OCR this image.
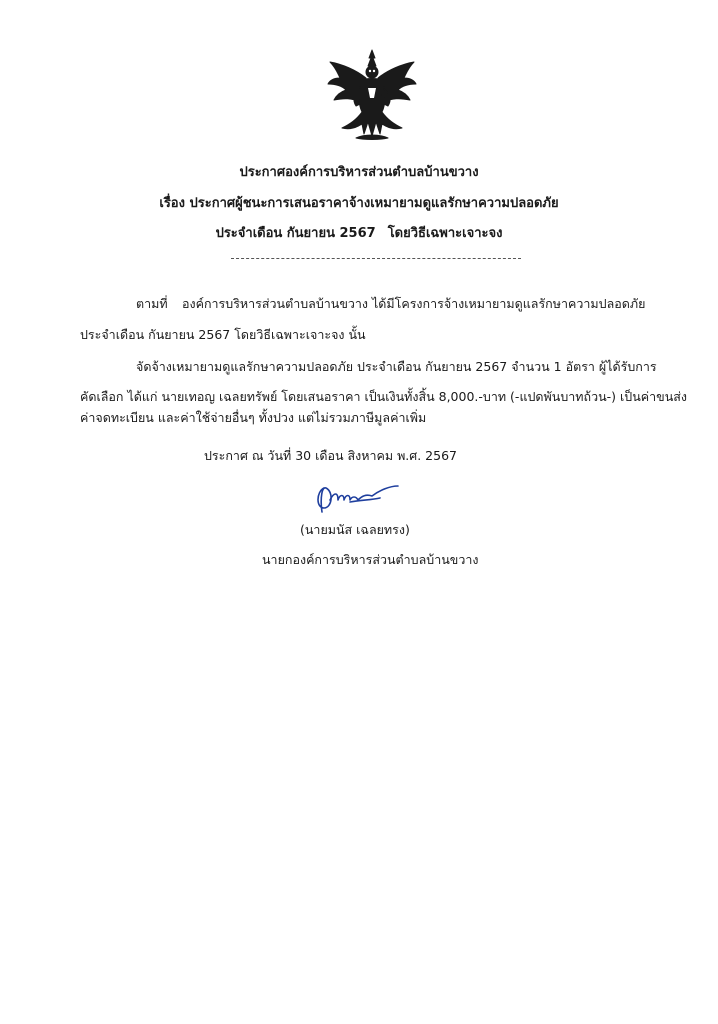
ประกาศองค์การบริหารส่วนตำบลบ้านขวาง
เรื่อง ประกาศผู้ชนะการเสนอราคาจ้างเหมายามดูแลรักษาความปลอดภัย
ประจำเดือน กันยายน 2567 โดยวิธีเฉพาะเจาะจง
ตามที่ องค์การบริหารส่วนตำบลบ้านขวาง ได้มีโครงการจ้างเหมายามดูแลรักษาความปลอดภัย
ประจำเดือน กันยายน 2567 โดยวิธีเฉพาะเจาะจง นั้น
จัดจ้างเหมายามดูแลรักษาความปลอดภัย ประจำเดือน กันยายน 2567 จำนวน 1 อัตรา ผู้ได้รับการ
คัดเลือก ได้แก่ นายเทอญ เฉลยทรัพย์ โดยเสนอราคา เป็นเงินทั้งสิ้น 8,000.-บาท (-แปดพันบาทถ้วน-) เป็นค่าขนส่ง
ค่าจดทะเบียน และค่าใช้จ่ายอื่นๆ ทั้งปวง แต่ไม่รวมภาษีมูลค่าเพิ่ม
ประกาศ ณ วันที่ 30 เดือน สิงหาคม พ.ศ. 2567
(นายมนัส เฉลยทรง)
นายกองค์การบริหารส่วนตำบลบ้านขวาง
